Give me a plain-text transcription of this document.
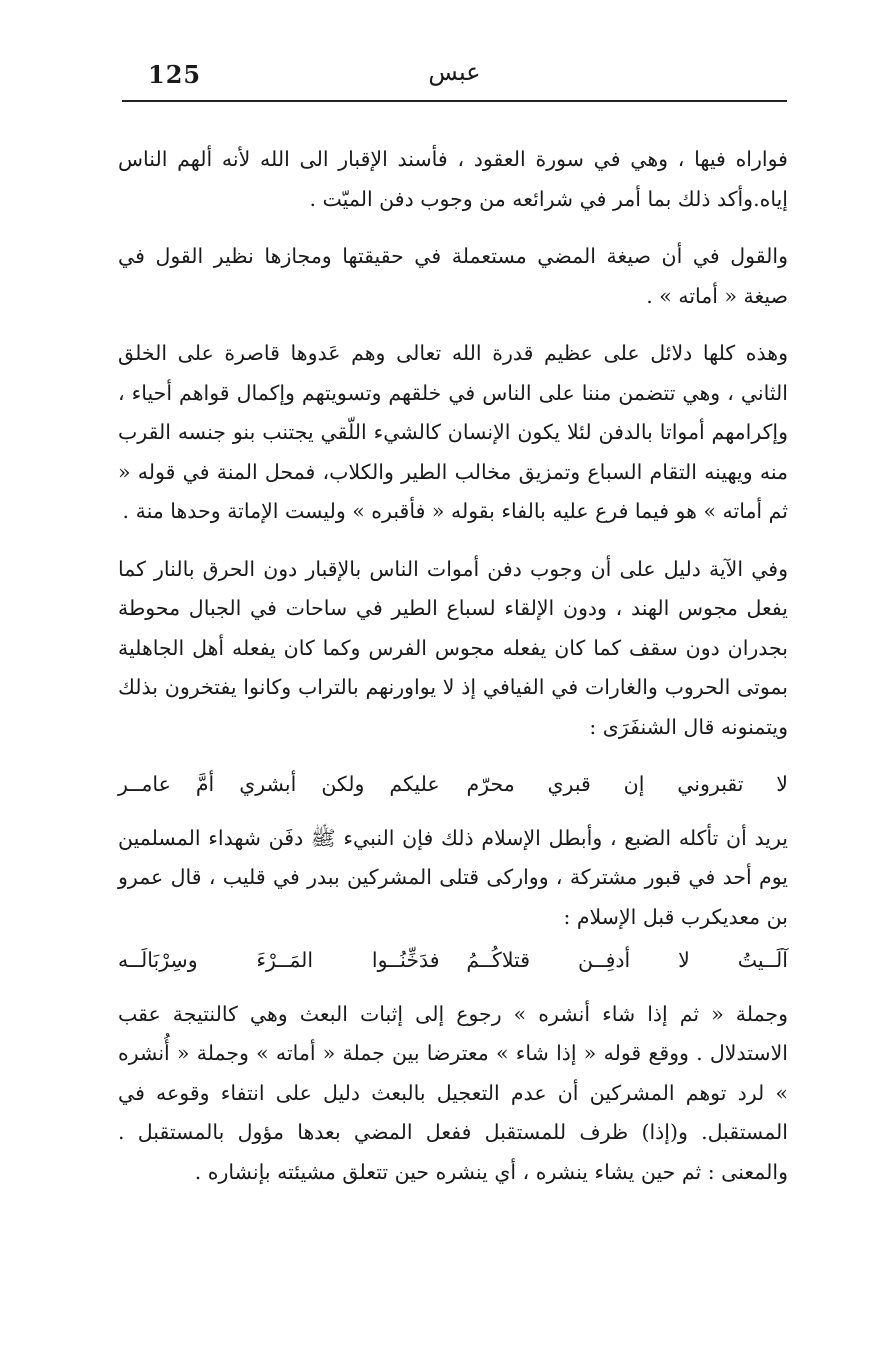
125	عبس

فواراه فيها ، وهي في سورة العقود ، فأسند الإقبار الى الله لأنه ألهم الناس إياه.وأكد ذلك بما أمر في شرائعه من وجوب دفن الميّت .

والقول في أن صيغة المضي مستعملة في حقيقتها ومجازها نظير القول في صيغة « أماته » .

وهذه كلها دلائل على عظيم قدرة الله تعالى وهم عَدوها قاصرة على الخلق الثاني ، وهي تتضمن مننا على الناس في خلقهم وتسويتهم وإكمال قواهم أحياء ، وإكرامهم أمواتا بالدفن لئلا يكون الإنسان كالشيء اللّقي يجتنب بنو جنسه القرب منه ويهينه التقام السباع وتمزيق مخالب الطير والكلاب، فمحل المنة في قوله « ثم أماته » هو فيما فرع عليه بالفاء بقوله « فأقبره » وليست الإماتة وحدها منة .

وفي الآية دليل على أن وجوب دفن أموات الناس بالإقبار دون الحرق بالنار كما يفعل مجوس الهند ، ودون الإلقاء لسباع الطير في ساحات في الجبال محوطة بجدران دون سقف كما كان يفعله مجوس الفرس وكما كان يفعله أهل الجاهلية بموتى الحروب والغارات في الفيافي إذ لا يواورنهم بالتراب وكانوا يفتخرون بذلك ويتمنونه قال الشنفَرَى :

لا
تقبروني
إن
قبري
محرّم
عليكم
ولكن
أبشري
أمَّ
عامــر

يريد أن تأكله الضبع ، وأبطل الإسلام ذلك فإن النبيء ﷺ دفَن شهداء المسلمين يوم أحد في قبور مشتركة ، وواركى قتلى المشركين ببدر في قليب ، قال عمرو بن معديكرب قبل الإسلام :

آلَــيتُ
لا
أدفِــن
قتلاكُــمُ
فدَخِّنُــوا
المَــرْءَ
وسِرْبَالَــه

وجملة « ثم إذا شاء أنشره » رجوع إلى إثبات البعث وهي كالنتيجة عقب الاستدلال . ووقع قوله « إذا شاء » معترضا بين جملة « أماته » وجملة « أُنشره » لرد توهم المشركين أن عدم التعجيل بالبعث دليل على انتفاء وقوعه في المستقبل. و(إذا) ظرف للمستقبل ففعل المضي بعدها مؤول بالمستقبل . والمعنى : ثم حين يشاء ينشره ، أي ينشره حين تتعلق مشيئته بإنشاره .
